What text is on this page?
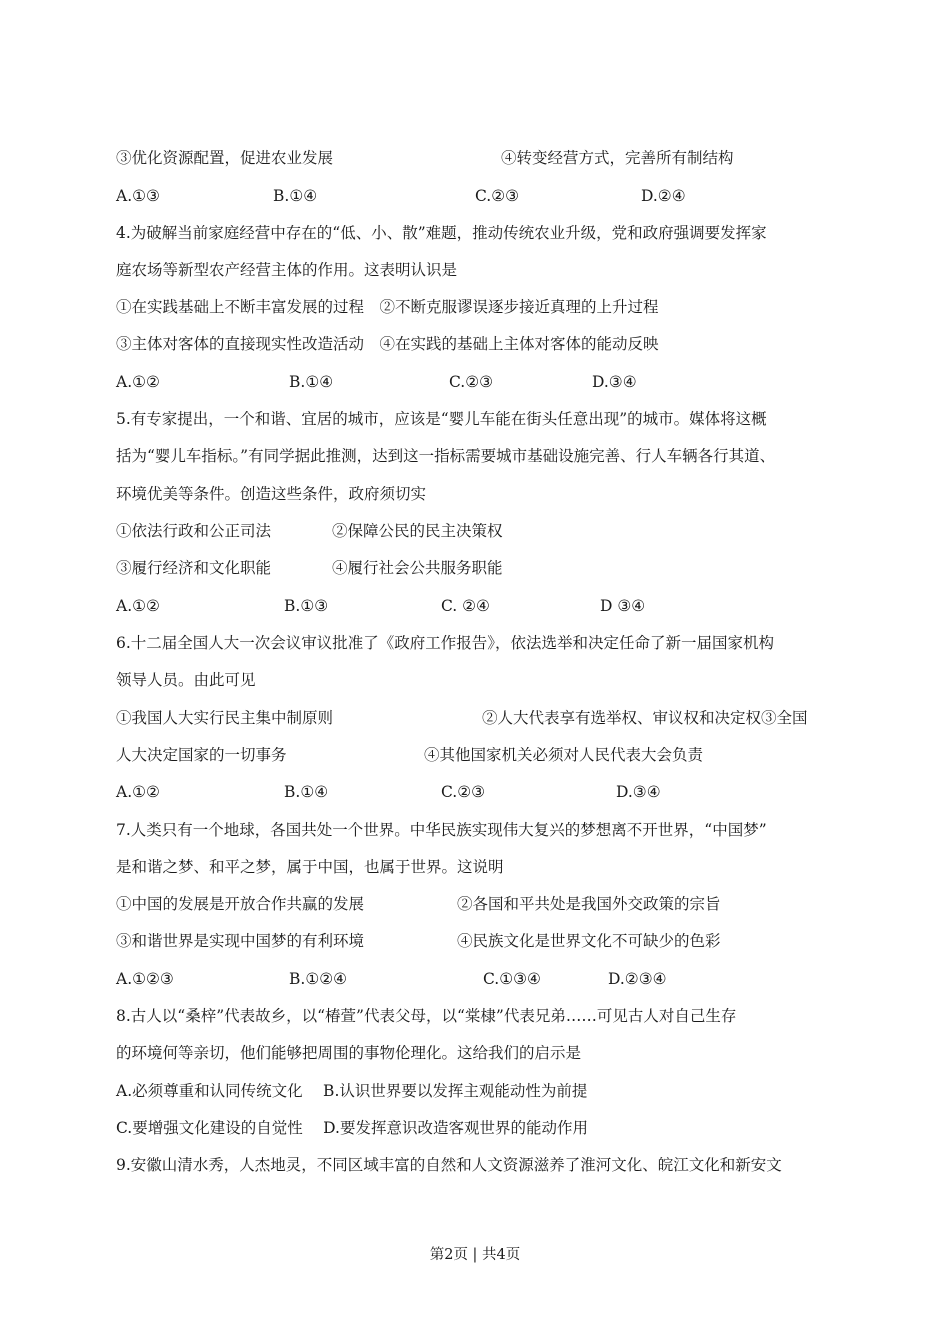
③优化资源配置，促进农业发展	④转变经营方式，完善所有制结构
A.①③	B.①④	C.②③	D.②④
4.为破解当前家庭经营中存在的“低、小、散”难题，推动传统农业升级，党和政府强调要发挥家
庭农场等新型农产经营主体的作用。这表明认识是
①在实践基础上不断丰富发展的过程　②不断克服谬误逐步接近真理的上升过程
③主体对客体的直接现实性改造活动　④在实践的基础上主体对客体的能动反映
A.①②	B.①④	C.②③	D.③④
5.有专家提出，一个和谐、宜居的城市，应该是“婴儿车能在街头任意出现”的城市。媒体将这概
括为“婴儿车指标。”有同学据此推测，达到这一指标需要城市基础设施完善、行人车辆各行其道、
环境优美等条件。创造这些条件，政府须切实
①依法行政和公正司法	②保障公民的民主决策权
③履行经济和文化职能	④履行社会公共服务职能
A.①②	B.①③	C. ②④	D ③④
6.十二届全国人大一次会议审议批准了《政府工作报告》，依法选举和决定任命了新一届国家机构
领导人员。由此可见
①我国人大实行民主集中制原则	②人大代表享有选举权、审议权和决定权③全国
人大决定国家的一切事务	④其他国家机关必须对人民代表大会负责
A.①②	B.①④	C.②③	D.③④
7.人类只有一个地球，各国共处一个世界。中华民族实现伟大复兴的梦想离不开世界，“中国梦”
是和谐之梦、和平之梦，属于中国，也属于世界。这说明
①中国的发展是开放合作共赢的发展	②各国和平共处是我国外交政策的宗旨
③和谐世界是实现中国梦的有利环境	④民族文化是世界文化不可缺少的色彩
A.①②③	B.①②④	C.①③④	D.②③④
8.古人以“桑梓”代表故乡，以“椿萱”代表父母，以“棠棣”代表兄弟……可见古人对自己生存
的环境何等亲切，他们能够把周围的事物伦理化。这给我们的启示是
A.必须尊重和认同传统文化　 B.认识世界要以发挥主观能动性为前提
C.要增强文化建设的自觉性　 D.要发挥意识改造客观世界的能动作用
9.安徽山清水秀，人杰地灵，不同区域丰富的自然和人文资源滋养了淮河文化、皖江文化和新安文
第2页 | 共4页
